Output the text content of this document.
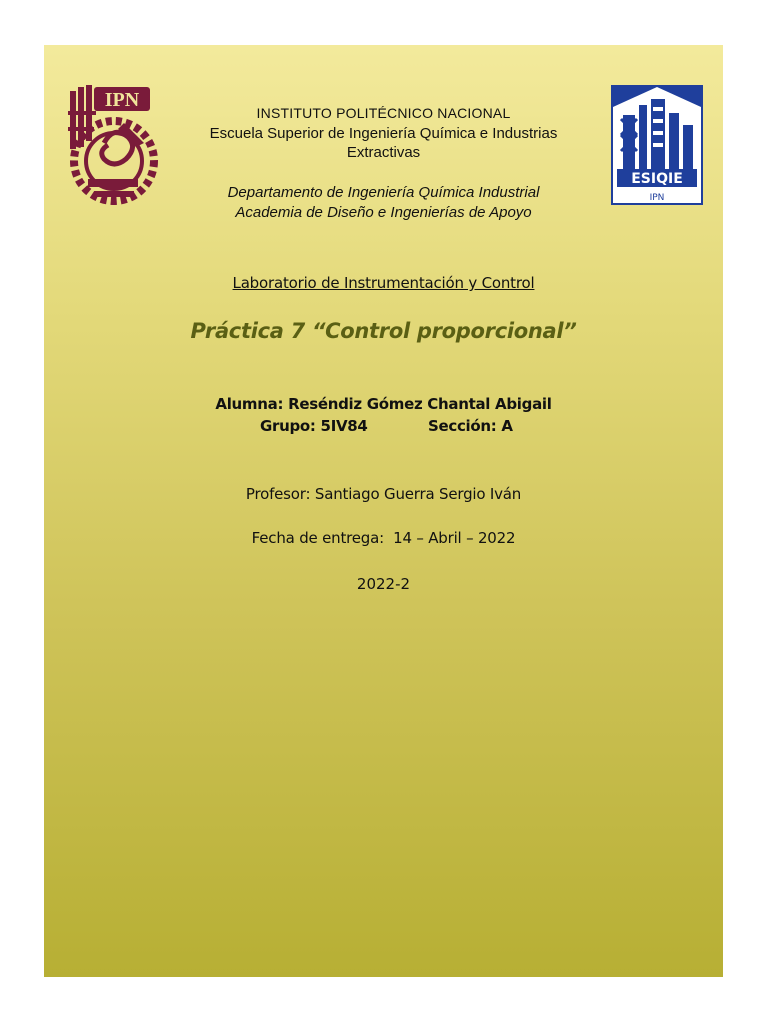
IPN
ESIQIE
IPN
INSTITUTO POLITÉCNICO NACIONAL
Escuela Superior de Ingeniería Química e Industrias
Extractivas
Departamento de Ingeniería Química Industrial
Academia de Diseño e Ingenierías de Apoyo
Laboratorio de Instrumentación y Control
Práctica 7 “Control proporcional”
Alumna: Reséndiz Gómez Chantal Abigail
Grupo: 5IV84	Sección: A
Profesor: Santiago Guerra Sergio Iván
Fecha de entrega:  14 – Abril – 2022
2022-2
